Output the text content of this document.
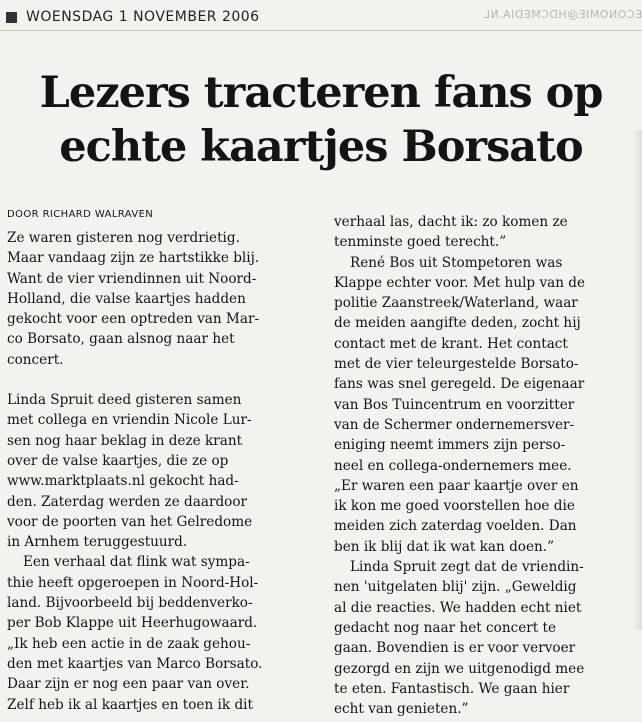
ECONOMIE@HDCMEDIA.NL
WOENSDAG 1 NOVEMBER 2006
Lezers tracteren fans op
echte kaartjes Borsato
DOOR RICHARD WALRAVEN

Ze waren gisteren nog verdrietig.
Maar vandaag zijn ze hartstikke blij.
Want de vier vriendinnen uit Noord-
Holland, die valse kaartjes hadden
gekocht voor een optreden van Mar-
co Borsato, gaan alsnog naar het
concert.

Linda Spruit deed gisteren samen
met collega en vriendin Nicole Lur-
sen nog haar beklag in deze krant
over de valse kaartjes, die ze op
www.marktplaats.nl gekocht had-
den. Zaterdag werden ze daardoor
voor de poorten van het Gelredome
in Arnhem teruggestuurd.

Een verhaal dat flink wat sympa-
thie heeft opgeroepen in Noord-Hol-
land. Bijvoorbeeld bij beddenverko-
per Bob Klappe uit Heerhugowaard.
„Ik heb een actie in de zaak gehou-
den met kaartjes van Marco Borsato.
Daar zijn er nog een paar van over.
Zelf heb ik al kaartjes en toen ik dit

verhaal las, dacht ik: zo komen ze
tenminste goed terecht.”

René Bos uit Stompetoren was
Klappe echter voor. Met hulp van de
politie Zaanstreek/Waterland, waar
de meiden aangifte deden, zocht hij
contact met de krant. Het contact
met de vier teleurgestelde Borsato-
fans was snel geregeld. De eigenaar
van Bos Tuincentrum en voorzitter
van de Schermer ondernemersver-
eniging neemt immers zijn perso-
neel en collega-ondernemers mee.
„Er waren een paar kaartje over en
ik kon me goed voorstellen hoe die
meiden zich zaterdag voelden. Dan
ben ik blij dat ik wat kan doen.”

Linda Spruit zegt dat de vriendin-
nen 'uitgelaten blij' zijn. „Geweldig
al die reacties. We hadden echt niet
gedacht nog naar het concert te
gaan. Bovendien is er voor vervoer
gezorgd en zijn we uitgenodigd mee
te eten. Fantastisch. We gaan hier
echt van genieten.”
